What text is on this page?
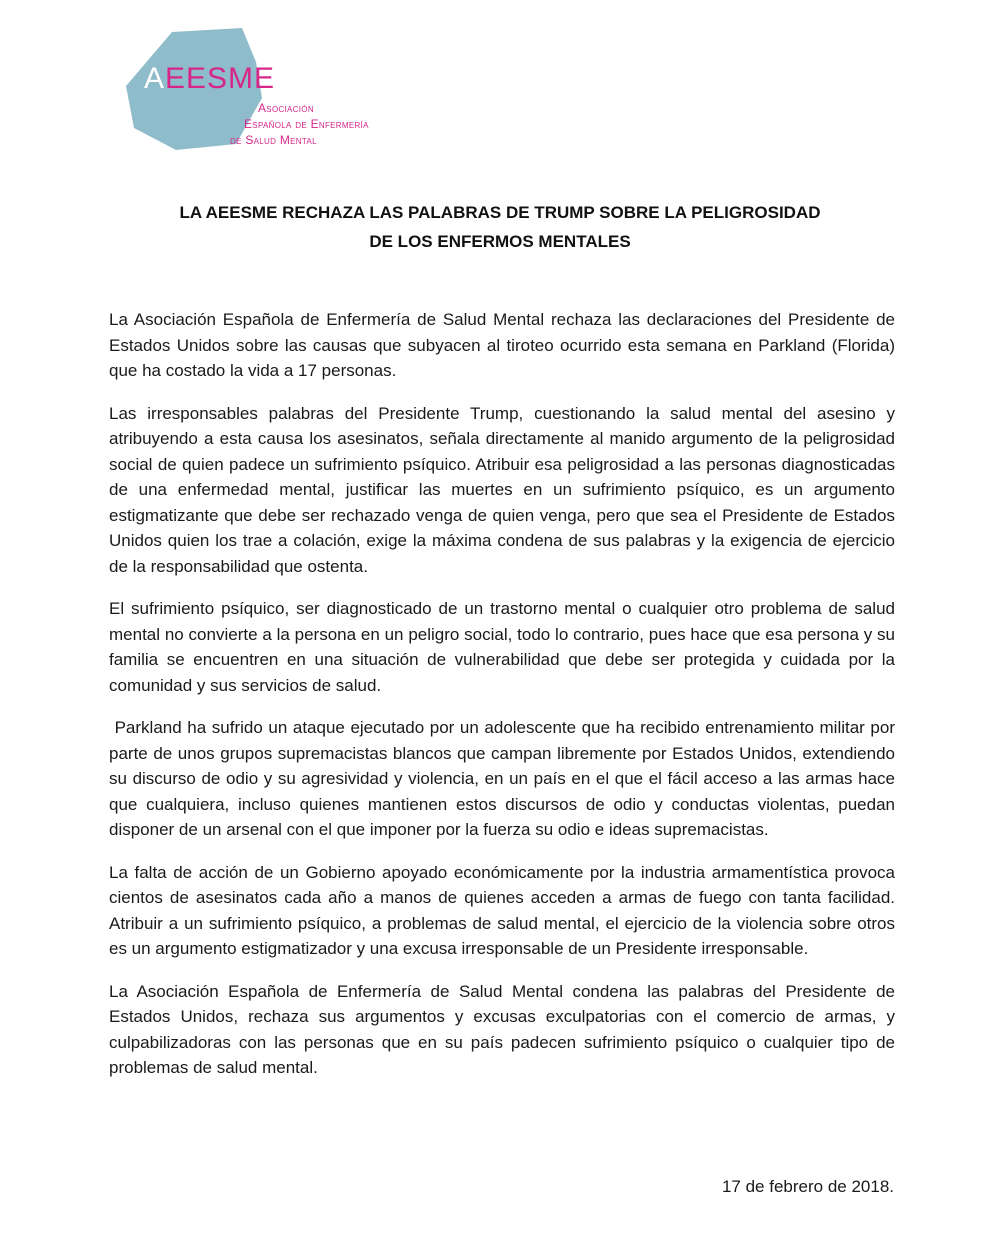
AEESME
Asociación
Española de Enfermería
de Salud Mental
LA AEESME RECHAZA LAS PALABRAS DE TRUMP SOBRE LA PELIGROSIDAD
DE LOS ENFERMOS MENTALES

La Asociación Española de Enfermería de Salud Mental rechaza las declaraciones del Presidente de Estados Unidos sobre las causas que subyacen al tiroteo ocurrido esta semana en Parkland (Florida) que ha costado la vida a 17 personas.

Las irresponsables palabras del Presidente Trump, cuestionando la salud mental del asesino y atribuyendo a esta causa los asesinatos, señala directamente al manido argumento de la peligrosidad social de quien padece un sufrimiento psíquico. Atribuir esa peligrosidad a las personas diagnosticadas de una enfermedad mental, justificar las muertes en un sufrimiento psíquico, es un argumento estigmatizante que debe ser rechazado venga de quien venga, pero que sea el Presidente de Estados Unidos quien los trae a colación, exige la máxima condena de sus palabras y la exigencia de ejercicio de la responsabilidad que ostenta.

El sufrimiento psíquico, ser diagnosticado de un trastorno mental o cualquier otro problema de salud mental no convierte a la persona en un peligro social, todo lo contrario, pues hace que esa persona y su familia se encuentren en una situación de vulnerabilidad que debe ser protegida y cuidada por la comunidad y sus servicios de salud.

Parkland ha sufrido un ataque ejecutado por un adolescente que ha recibido entrenamiento militar por parte de unos grupos supremacistas blancos que campan libremente por Estados Unidos, extendiendo su discurso de odio y su agresividad y violencia, en un país en el que el fácil acceso a las armas hace que cualquiera, incluso quienes mantienen estos discursos de odio y conductas violentas, puedan disponer de un arsenal con el que imponer por la fuerza su odio e ideas supremacistas.

La falta de acción de un Gobierno apoyado económicamente por la industria armamentística provoca cientos de asesinatos cada año a manos de quienes acceden a armas de fuego con tanta facilidad. Atribuir a un sufrimiento psíquico, a problemas de salud mental, el ejercicio de la violencia sobre otros es un argumento estigmatizador y una excusa irresponsable de un Presidente irresponsable.

La Asociación Española de Enfermería de Salud Mental condena las palabras del Presidente de Estados Unidos, rechaza sus argumentos y excusas exculpatorias con el comercio de armas, y culpabilizadoras con las personas que en su país padecen sufrimiento psíquico o cualquier tipo de problemas de salud mental.

17 de febrero de 2018.
